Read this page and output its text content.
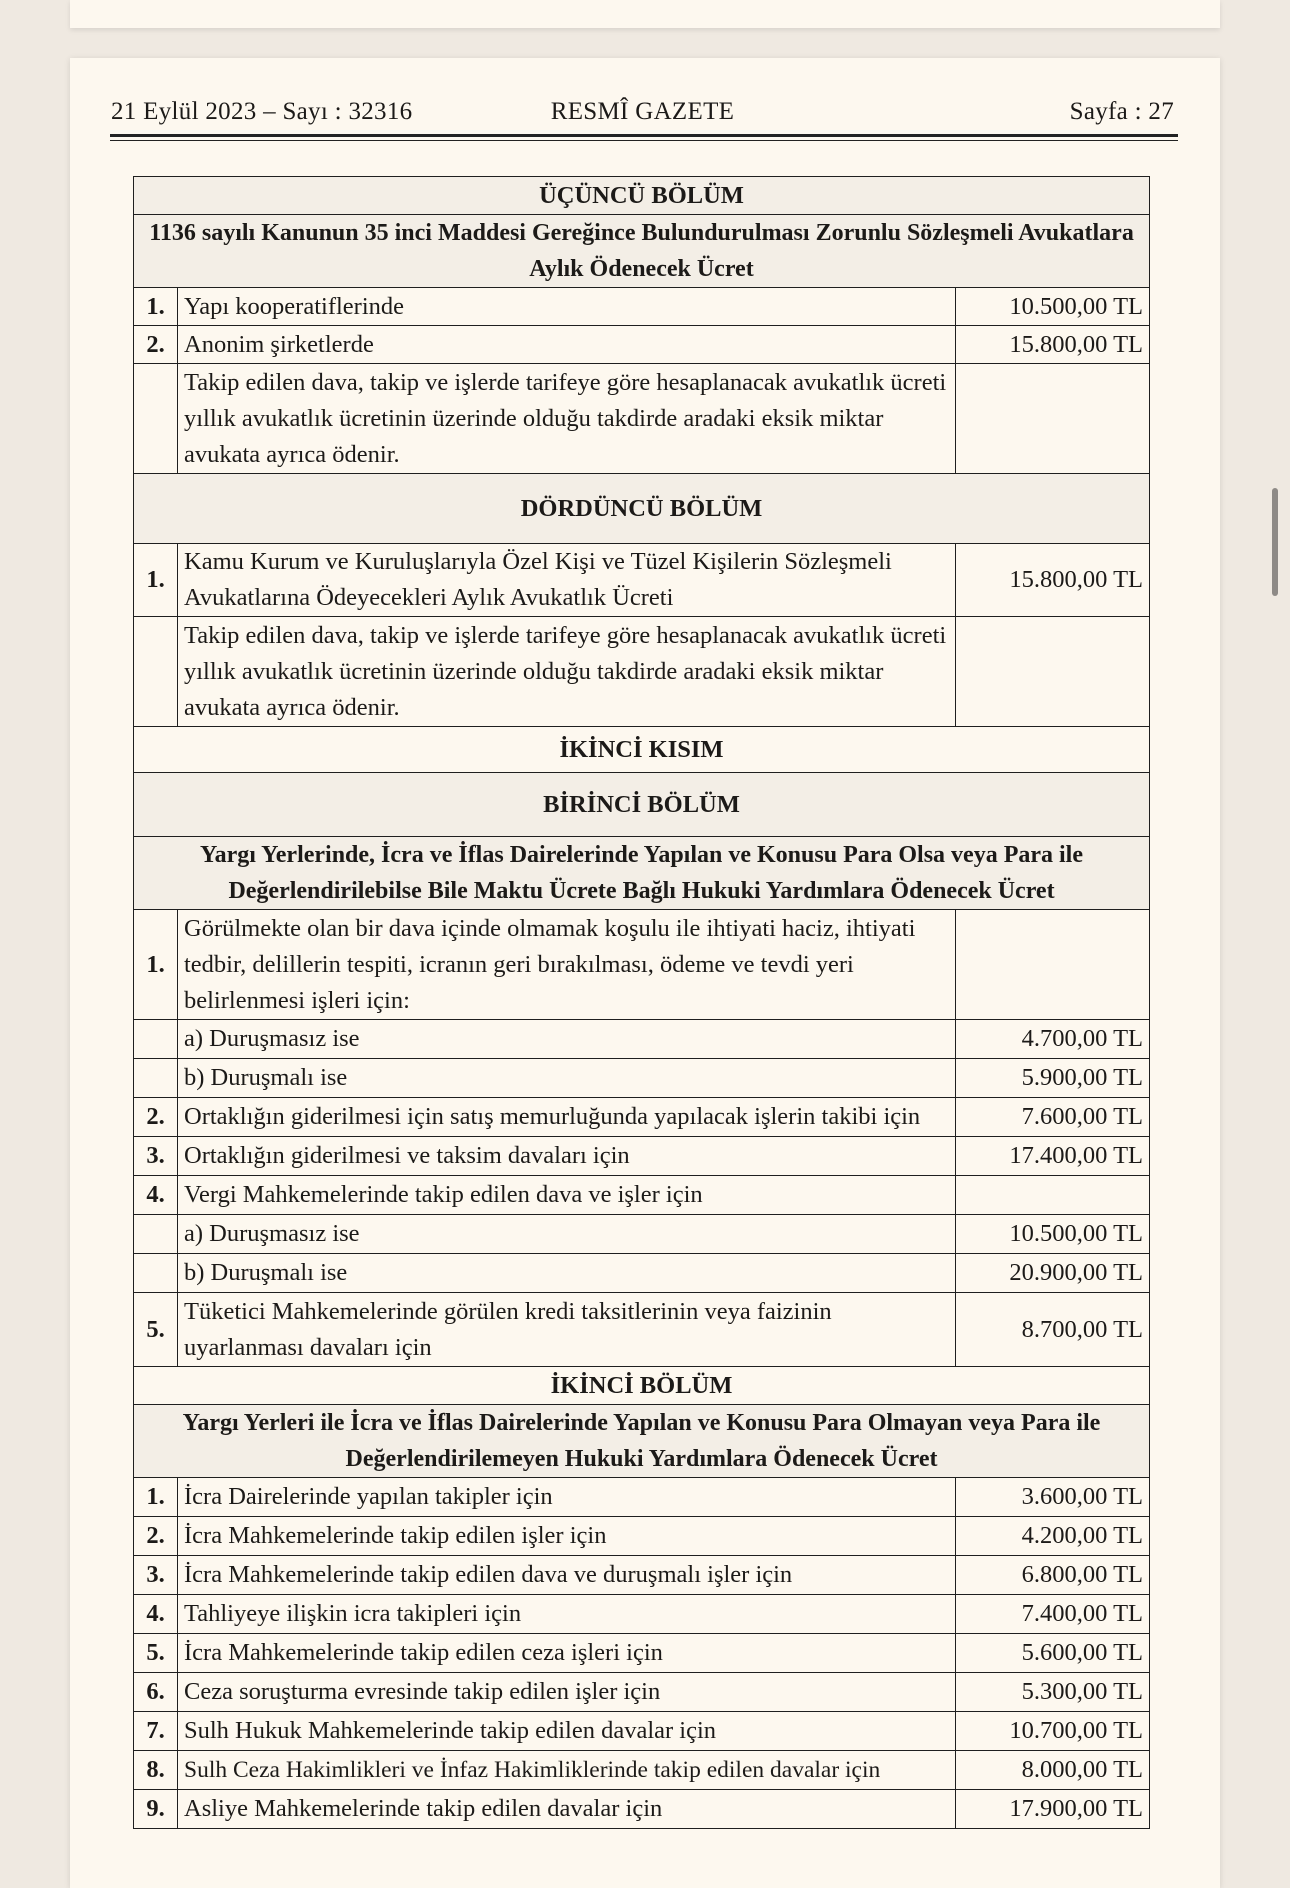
21 Eylül 2023 – Sayı : 32316	RESMÎ GAZETE	Sayfa : 27
ÜÇÜNCÜ BÖLÜM		
1136 sayılı Kanunun 35 inci Maddesi Gereğince Bulundurulması Zorunlu Sözleşmeli Avukatlara Aylık Ödenecek Ücret		
1.	Yapı kooperatiflerinde	10.500,00 TL
2.	Anonim şirketlerde	15.800,00 TL
	Takip edilen dava, takip ve işlerde tarifeye göre hesaplanacak avukatlık ücreti yıllık avukatlık ücretinin üzerinde olduğu takdirde aradaki eksik miktar avukata ayrıca ödenir.	
DÖRDÜNCÜ BÖLÜM		
1.	Kamu Kurum ve Kuruluşlarıyla Özel Kişi ve Tüzel Kişilerin Sözleşmeli Avukatlarına Ödeyecekleri Aylık Avukatlık Ücreti	15.800,00 TL
	Takip edilen dava, takip ve işlerde tarifeye göre hesaplanacak avukatlık ücreti yıllık avukatlık ücretinin üzerinde olduğu takdirde aradaki eksik miktar avukata ayrıca ödenir.	
İKİNCİ KISIM		
BİRİNCİ BÖLÜM		
Yargı Yerlerinde, İcra ve İflas Dairelerinde Yapılan ve Konusu Para Olsa veya Para ile Değerlendirilebilse Bile Maktu Ücrete Bağlı Hukuki Yardımlara Ödenecek Ücret		
1.	Görülmekte olan bir dava içinde olmamak koşulu ile ihtiyati haciz, ihtiyati tedbir, delillerin tespiti, icranın geri bırakılması, ödeme ve tevdi yeri belirlenmesi işleri için:	
	a) Duruşmasız ise	4.700,00 TL
	b) Duruşmalı ise	5.900,00 TL
2.	Ortaklığın giderilmesi için satış memurluğunda yapılacak işlerin takibi için	7.600,00 TL
3.	Ortaklığın giderilmesi ve taksim davaları için	17.400,00 TL
4.	Vergi Mahkemelerinde takip edilen dava ve işler için	
	a) Duruşmasız ise	10.500,00 TL
	b) Duruşmalı ise	20.900,00 TL
5.	Tüketici Mahkemelerinde görülen kredi taksitlerinin veya faizinin uyarlanması davaları için	8.700,00 TL
İKİNCİ BÖLÜM		
Yargı Yerleri ile İcra ve İflas Dairelerinde Yapılan ve Konusu Para Olmayan veya Para ile Değerlendirilemeyen Hukuki Yardımlara Ödenecek Ücret		
1.	İcra Dairelerinde yapılan takipler için	3.600,00 TL
2.	İcra Mahkemelerinde takip edilen işler için	4.200,00 TL
3.	İcra Mahkemelerinde takip edilen dava ve duruşmalı işler için	6.800,00 TL
4.	Tahliyeye ilişkin icra takipleri için	7.400,00 TL
5.	İcra Mahkemelerinde takip edilen ceza işleri için	5.600,00 TL
6.	Ceza soruşturma evresinde takip edilen işler için	5.300,00 TL
7.	Sulh Hukuk Mahkemelerinde takip edilen davalar için	10.700,00 TL
8.	Sulh Ceza Hakimlikleri ve İnfaz Hakimliklerinde takip edilen davalar için	8.000,00 TL
9.	Asliye Mahkemelerinde takip edilen davalar için	17.900,00 TL
